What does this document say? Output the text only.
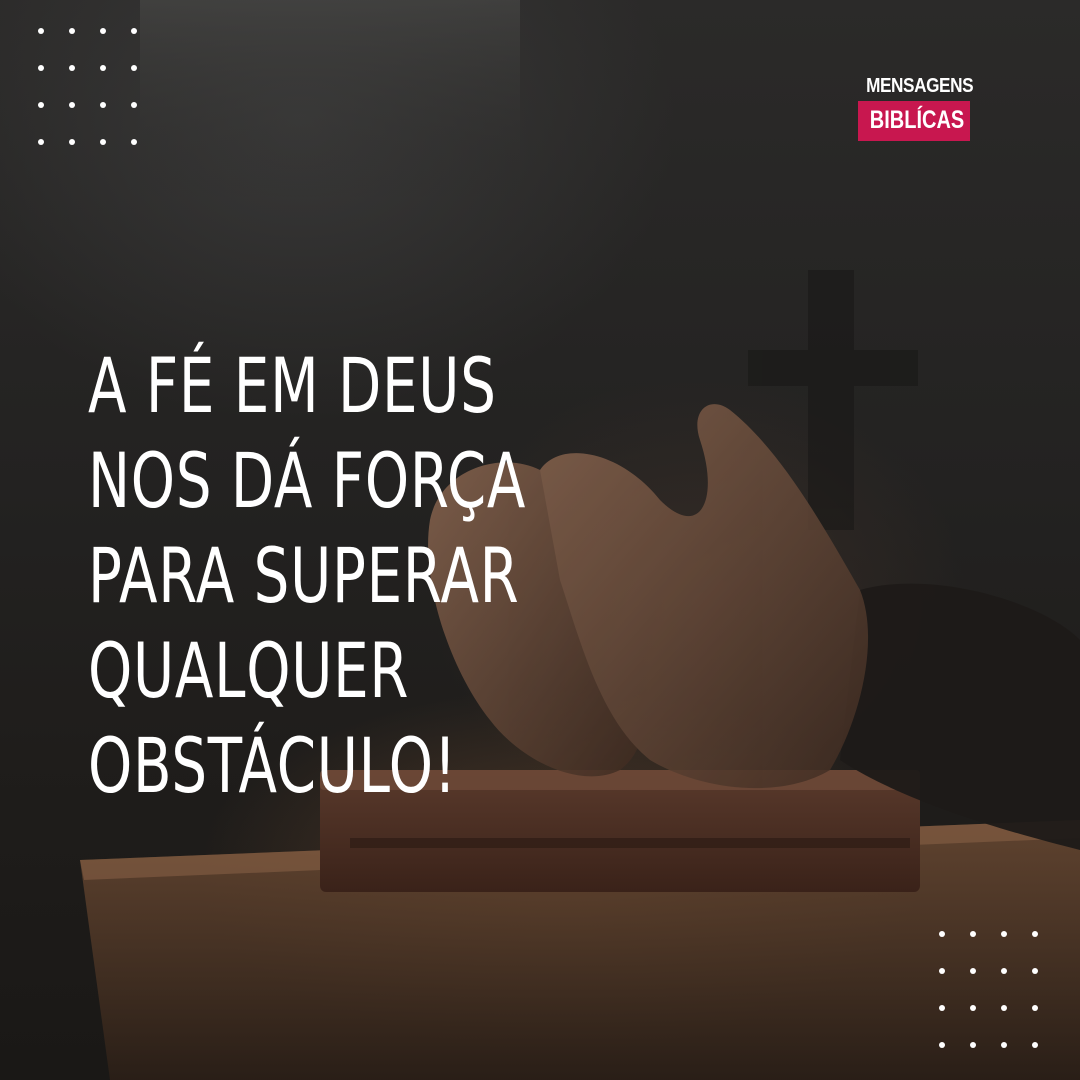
MENSAGENS
BIBLÍCAS
A FÉ EM DEUS
NOS DÁ FORÇA
PARA SUPERAR
QUALQUER
OBSTÁCULO!
